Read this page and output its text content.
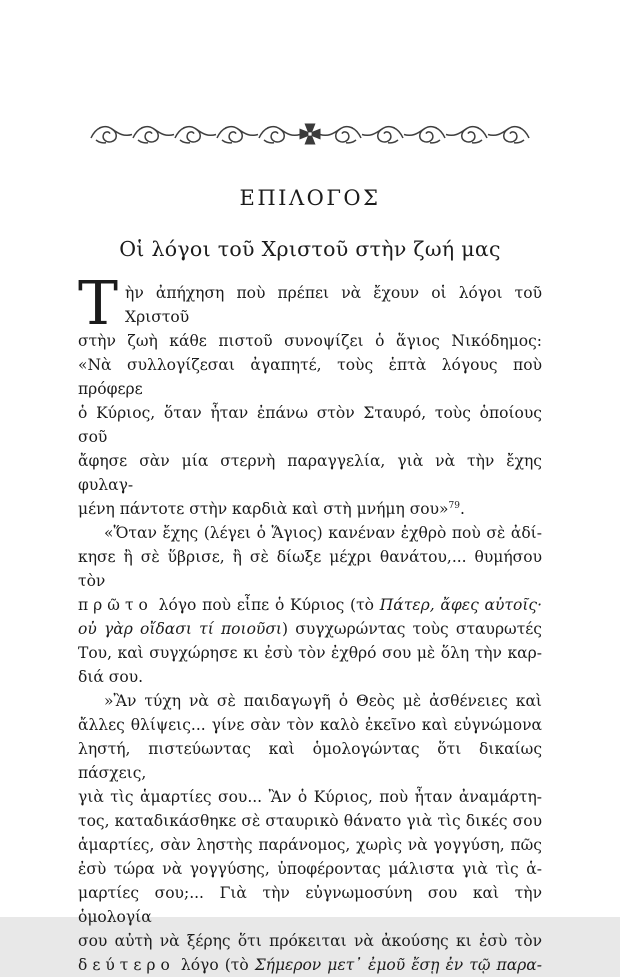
ΕΠΙΛΟΓΟΣ
Οἱ λόγοι τοῦ Χριστοῦ στὴν ζωή μας
Τ ὴν ἀπήχηση ποὺ πρέπει νὰ ἔχουν οἱ λόγοι τοῦ Χριστοῦ
στὴν ζωὴ κάθε πιστοῦ συνοψίζει ὁ ἅγιος Νικόδημος:
«Νὰ συλλογίζεσαι ἀγαπητέ, τοὺς ἑπτὰ λόγους ποὺ πρόφερε
ὁ Κύριος, ὅταν ἦταν ἐπάνω στὸν Σταυρό, τοὺς ὁποίους σοῦ
ἄφησε σὰν μία στερνὴ παραγγελία, γιὰ νὰ τὴν ἔχης φυλαγ-
μένη πάντοτε στὴν καρδιὰ καὶ στὴ μνήμη σου»$^{79}$.
«Ὅταν ἔχης (λέγει ὁ Ἅγιος) κανέναν ἐχθρὸ ποὺ σὲ ἀδί-
κησε ἢ σὲ ὕβρισε, ἢ σὲ δίωξε μέχρι θανάτου,... θυμήσου τὸν
πρῶτο λόγο ποὺ εἶπε ὁ Κύριος (τὸ Πάτερ, ἄφες αὐτοῖς·
οὐ γὰρ οἴδασι τί ποιοῦσι) συγχωρώντας τοὺς σταυρωτές
Του, καὶ συγχώρησε κι ἐσὺ τὸν ἐχθρό σου μὲ ὅλη τὴν καρ-
διά σου.
»Ἂν τύχη νὰ σὲ παιδαγωγῆ ὁ Θεὸς μὲ ἀσθένειες καὶ
ἄλλες θλίψεις... γίνε σὰν τὸν καλὸ ἐκεῖνο καὶ εὐγνώμονα
ληστή, πιστεύωντας καὶ ὁμολογώντας ὅτι δικαίως πάσχεις,
γιὰ τὶς ἁμαρτίες σου... Ἂν ὁ Κύριος, ποὺ ἦταν ἀναμάρτη-
τος, καταδικάσθηκε σὲ σταυρικὸ θάνατο γιὰ τὶς δικές σου
ἁμαρτίες, σὰν ληστὴς παράνομος, χωρὶς νὰ γογγύση, πῶς
ἐσὺ τώρα νὰ γογγύσης, ὑποφέροντας μάλιστα γιὰ τὶς ἁ-
μαρτίες σου;... Γιὰ τὴν εὐγνωμοσύνη σου καὶ τὴν ὁμολογία
σου αὐτὴ νὰ ξέρης ὅτι πρόκειται νὰ ἀκούσης κι ἐσὺ τὸν
δεύτερο λόγο (τὸ Σήμερον μετ᾽ ἐμοῦ ἔσῃ ἐν τῷ παρα-
